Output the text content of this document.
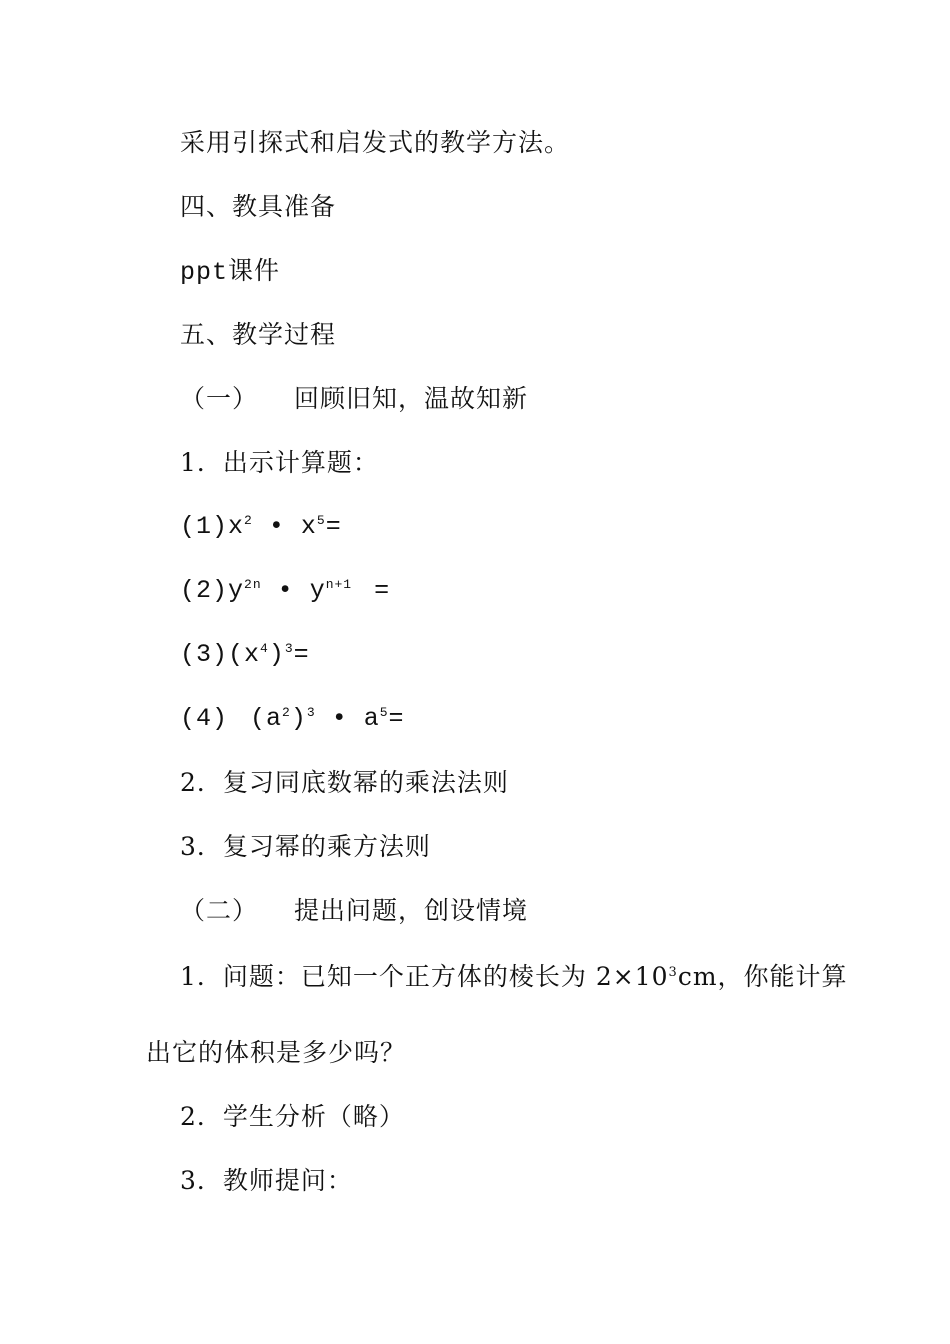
采用引探式和启发式的教学方法。
四、教具准备
ppt课件
五、教学过程
（一） 回顾旧知，温故知新
1．出示计算题：
$(1)x^2$ • $x^5=$
$(2)y^{2n}$ • $y^{n+1}$ =
$(3)(x^4)^3=$
(4) $(a^2)^3$ • $a^5=$
2．复习同底数幂的乘法法则
3．复习幂的乘方法则
（二） 提出问题，创设情境
1．问题：已知一个正方体的棱长为 $2\times 10^3cm$，你能计算
出它的体积是多少吗？
2．学生分析（略）
3．教师提问：
